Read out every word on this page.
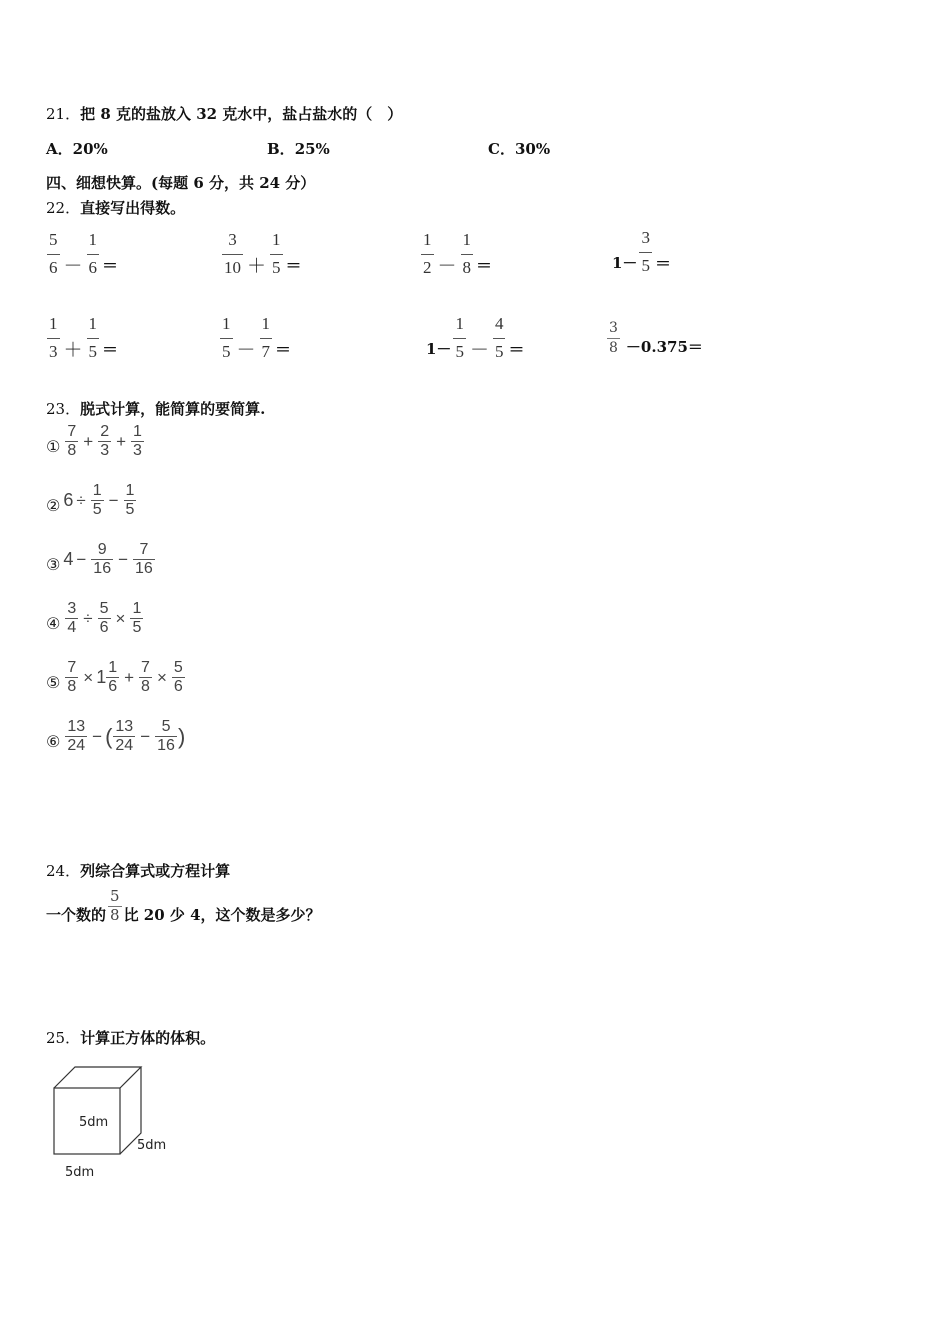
21．把 8 克的盐放入 32 克水中，盐占盐水的（　）
A．20%	B．25%	C．30%
四、细想快算。(每题 6 分，共 24 分）
22．直接写出得数。
$\frac{5}{6} - \frac{1}{6}$ ＝	$\frac{3}{10} + \frac{1}{5}$ ＝	$\frac{1}{2} - \frac{1}{8}$ ＝	$1- \frac{3}{5}$ ＝
$\frac{1}{3} + \frac{1}{5}$ ＝	$\frac{1}{5} - \frac{1}{7}$ ＝	$1- \frac{1}{5} - \frac{4}{5}$ ＝	$\frac{3}{8} -0.375=$
23．脱式计算，能简算的要简算.
① $\frac{7}{8} + \frac{2}{3} + \frac{1}{3}$
② $6 \div \frac{1}{5} - \frac{1}{5}$
③ $4 - \frac{9}{16} - \frac{7}{16}$
④ $\frac{3}{4} \div \frac{5}{6} \times \frac{1}{5}$
⑤ $\frac{7}{8} \times 1 \frac{1}{6} + \frac{7}{8} \times \frac{5}{6}$
⑥ $\frac{13}{24}$ − ( $\frac{13}{24} - \frac{5}{16}$ )
24．列综合算式或方程计算
一个数的 $\frac{5}{8}$ 比 20 少 4，这个数是多少？
25．计算正方体的体积。
5dm
5dm
5dm
